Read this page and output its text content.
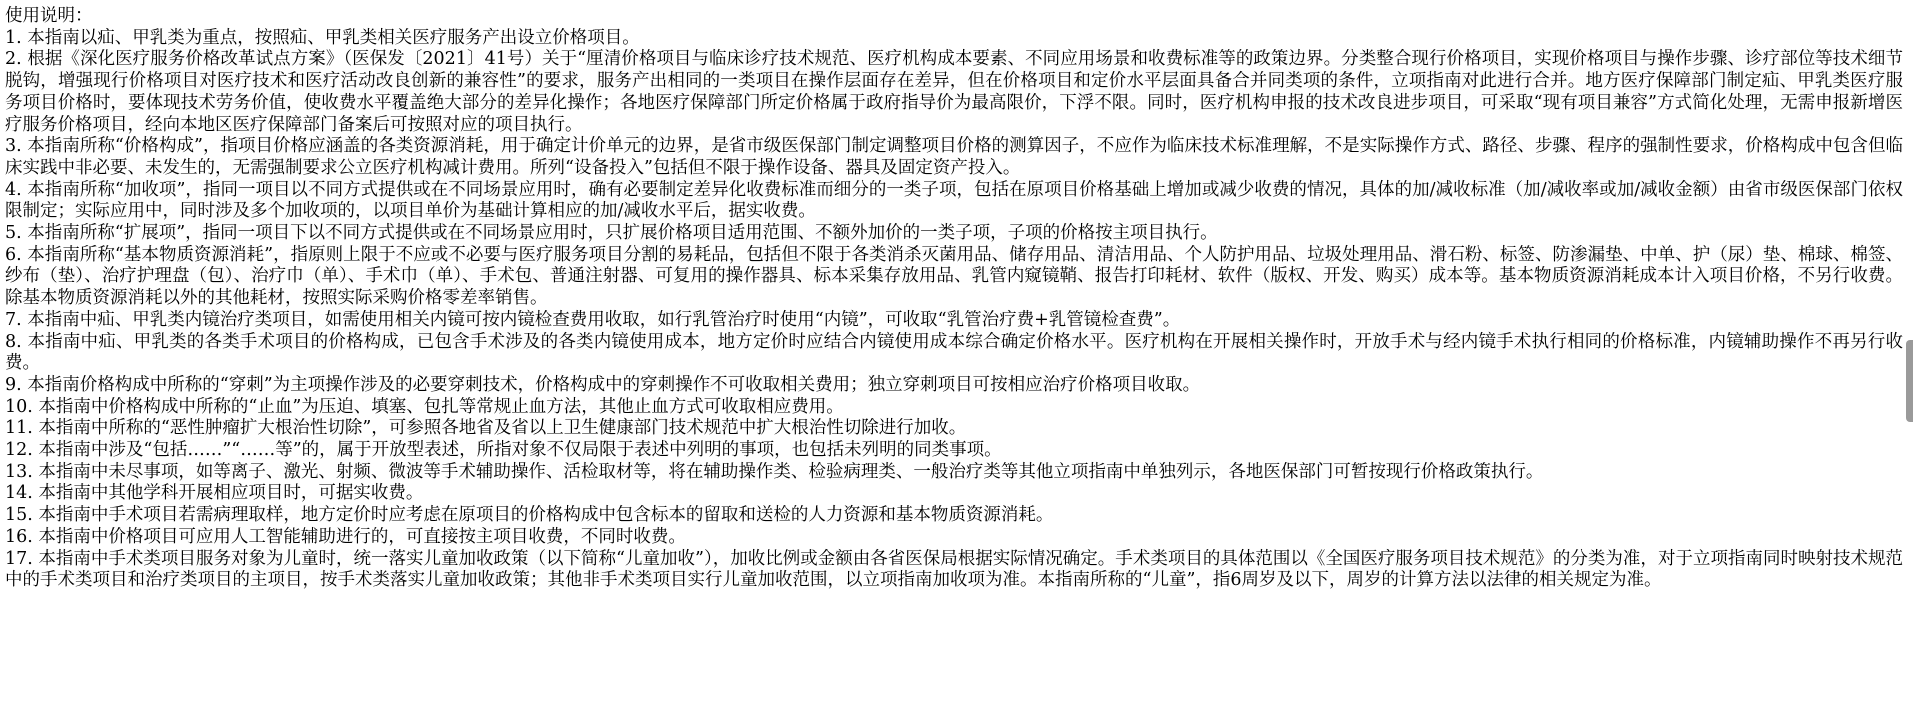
使用说明：

1. 本指南以疝、甲乳类为重点，按照疝、甲乳类相关医疗服务产出设立价格项目。

2. 根据《深化医疗服务价格改革试点方案》（医保发〔2021〕41号）关于“厘清价格项目与临床诊疗技术规范、医疗机构成本要素、不同应用场景和收费标准等的政策边界。分类整合现行价格项目，实现价格项目与操作步骤、诊疗部位等技术细节脱钩，增强现行价格项目对医疗技术和医疗活动改良创新的兼容性”的要求，服务产出相同的一类项目在操作层面存在差异，但在价格项目和定价水平层面具备合并同类项的条件，立项指南对此进行合并。地方医疗保障部门制定疝、甲乳类医疗服务项目价格时，要体现技术劳务价值，使收费水平覆盖绝大部分的差异化操作；各地医疗保障部门所定价格属于政府指导价为最高限价，下浮不限。同时，医疗机构申报的技术改良进步项目，可采取“现有项目兼容”方式简化处理，无需申报新增医疗服务价格项目，经向本地区医疗保障部门备案后可按照对应的项目执行。

3. 本指南所称“价格构成”，指项目价格应涵盖的各类资源消耗，用于确定计价单元的边界，是省市级医保部门制定调整项目价格的测算因子，不应作为临床技术标准理解，不是实际操作方式、路径、步骤、程序的强制性要求，价格构成中包含但临床实践中非必要、未发生的，无需强制要求公立医疗机构减计费用。所列“设备投入”包括但不限于操作设备、器具及固定资产投入。

4. 本指南所称“加收项”，指同一项目以不同方式提供或在不同场景应用时，确有必要制定差异化收费标准而细分的一类子项，包括在原项目价格基础上增加或减少收费的情况，具体的加/减收标准（加/减收率或加/减收金额）由省市级医保部门依权限制定；实际应用中，同时涉及多个加收项的，以项目单价为基础计算相应的加/减收水平后，据实收费。

5. 本指南所称“扩展项”，指同一项目下以不同方式提供或在不同场景应用时，只扩展价格项目适用范围、不额外加价的一类子项，子项的价格按主项目执行。

6. 本指南所称“基本物质资源消耗”，指原则上限于不应或不必要与医疗服务项目分割的易耗品，包括但不限于各类消杀灭菌用品、储存用品、清洁用品、个人防护用品、垃圾处理用品、滑石粉、标签、防渗漏垫、中单、护（尿）垫、棉球、棉签、纱布（垫）、治疗护理盘（包）、治疗巾（单）、手术巾（单）、手术包、普通注射器、可复用的操作器具、标本采集存放用品、乳管内窥镜鞘、报告打印耗材、软件（版权、开发、购买）成本等。基本物质资源消耗成本计入项目价格，不另行收费。除基本物质资源消耗以外的其他耗材，按照实际采购价格零差率销售。

7. 本指南中疝、甲乳类内镜治疗类项目，如需使用相关内镜可按内镜检查费用收取，如行乳管治疗时使用“内镜”，可收取“乳管治疗费+乳管镜检查费”。

8. 本指南中疝、甲乳类的各类手术项目的价格构成，已包含手术涉及的各类内镜使用成本，地方定价时应结合内镜使用成本综合确定价格水平。医疗机构在开展相关操作时，开放手术与经内镜手术执行相同的价格标准，内镜辅助操作不再另行收费。

9. 本指南价格构成中所称的“穿刺”为主项操作涉及的必要穿刺技术，价格构成中的穿刺操作不可收取相关费用；独立穿刺项目可按相应治疗价格项目收取。

10. 本指南中价格构成中所称的“止血”为压迫、填塞、包扎等常规止血方法，其他止血方式可收取相应费用。

11. 本指南中所称的“恶性肿瘤扩大根治性切除”，可参照各地省及省以上卫生健康部门技术规范中扩大根治性切除进行加收。

12. 本指南中涉及“包括……”“……等”的，属于开放型表述，所指对象不仅局限于表述中列明的事项，也包括未列明的同类事项。

13. 本指南中未尽事项，如等离子、激光、射频、微波等手术辅助操作、活检取材等，将在辅助操作类、检验病理类、一般治疗类等其他立项指南中单独列示，各地医保部门可暂按现行价格政策执行。

14. 本指南中其他学科开展相应项目时，可据实收费。

15. 本指南中手术项目若需病理取样，地方定价时应考虑在原项目的价格构成中包含标本的留取和送检的人力资源和基本物质资源消耗。

16. 本指南中价格项目可应用人工智能辅助进行的，可直接按主项目收费，不同时收费。

17. 本指南中手术类项目服务对象为儿童时，统一落实儿童加收政策（以下简称“儿童加收”），加收比例或金额由各省医保局根据实际情况确定。手术类项目的具体范围以《全国医疗服务项目技术规范》的分类为准，对于立项指南同时映射技术规范中的手术类项目和治疗类项目的主项目，按手术类落实儿童加收政策；其他非手术类项目实行儿童加收范围，以立项指南加收项为准。本指南所称的“儿童”，指6周岁及以下，周岁的计算方法以法律的相关规定为准。
